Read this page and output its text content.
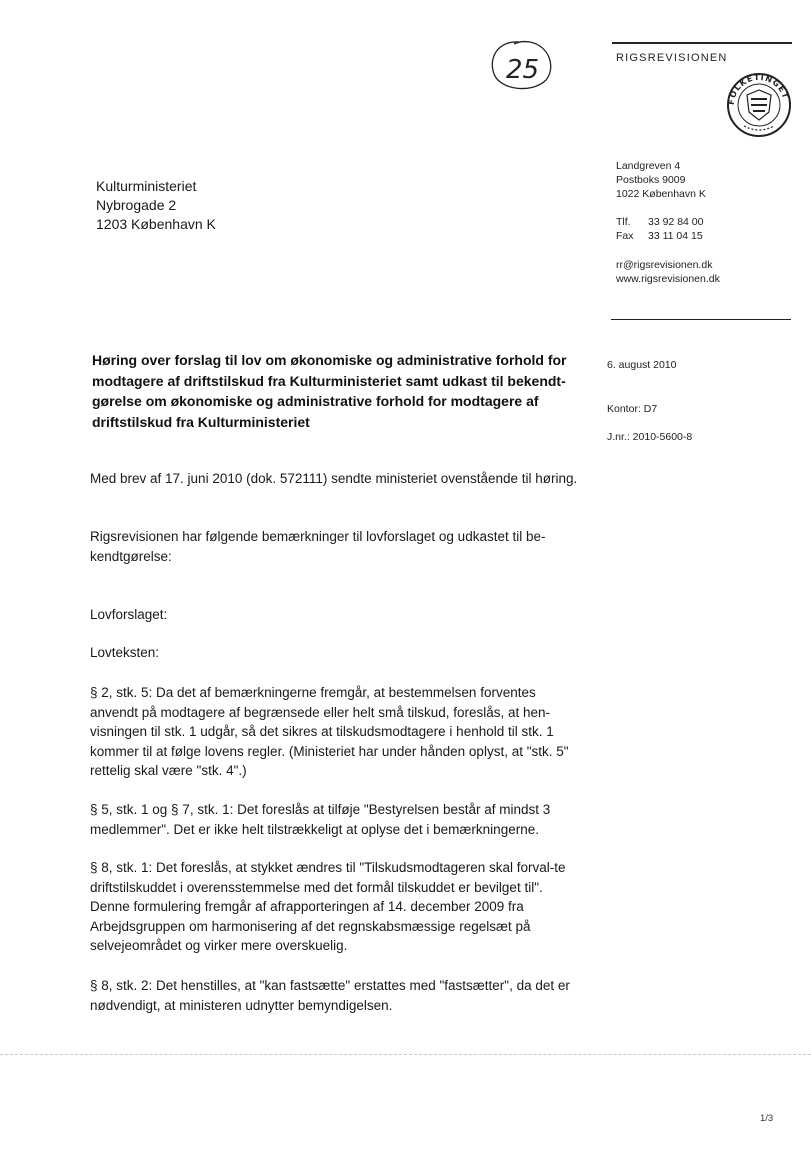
25	RIGSREVISIONEN
FOLKETINGET
Landgreven 4
Postboks 9009
1022 København K
Tlf. 33 92 84 00
Fax 33 11 04 15
rr@rigsrevisionen.dk
www.rigsrevisionen.dk
6. august 2010
Kontor: D7
J.nr.: 2010-5600-8
Kulturministeriet
Nybrogade 2
1203 København K
Høring over forslag til lov om økonomiske og administrative forhold for modtagere af driftstilskud fra Kulturministeriet samt udkast til bekendt-gørelse om økonomiske og administrative forhold for modtagere af driftstilskud fra Kulturministeriet
Med brev af 17. juni 2010 (dok. 572111) sendte ministeriet ovenstående til høring.
Rigsrevisionen har følgende bemærkninger til lovforslaget og udkastet til be-kendtgørelse:
Lovforslaget:
Lovteksten:
§ 2, stk. 5: Da det af bemærkningerne fremgår, at bestemmelsen forventes anvendt på modtagere af begrænsede eller helt små tilskud, foreslås, at hen-visningen til stk. 1 udgår, så det sikres at tilskudsmodtagere i henhold til stk. 1 kommer til at følge lovens regler. (Ministeriet har under hånden oplyst, at "stk. 5" rettelig skal være "stk. 4".)
§ 5, stk. 1 og § 7, stk. 1: Det foreslås at tilføje "Bestyrelsen består af mindst 3 medlemmer". Det er ikke helt tilstrækkeligt at oplyse det i bemærkningerne.
§ 8, stk. 1: Det foreslås, at stykket ændres til "Tilskudsmodtageren skal forval-te driftstilskuddet i overensstemmelse med det formål tilskuddet er bevilget til". Denne formulering fremgår af afrapporteringen af 14. december 2009 fra Arbejdsgruppen om harmonisering af det regnskabsmæssige regelsæt på selvejeområdet og virker mere overskuelig.
§ 8, stk. 2: Det henstilles, at "kan fastsætte" erstattes med "fastsætter", da det er nødvendigt, at ministeren udnytter bemyndigelsen.
1/3
